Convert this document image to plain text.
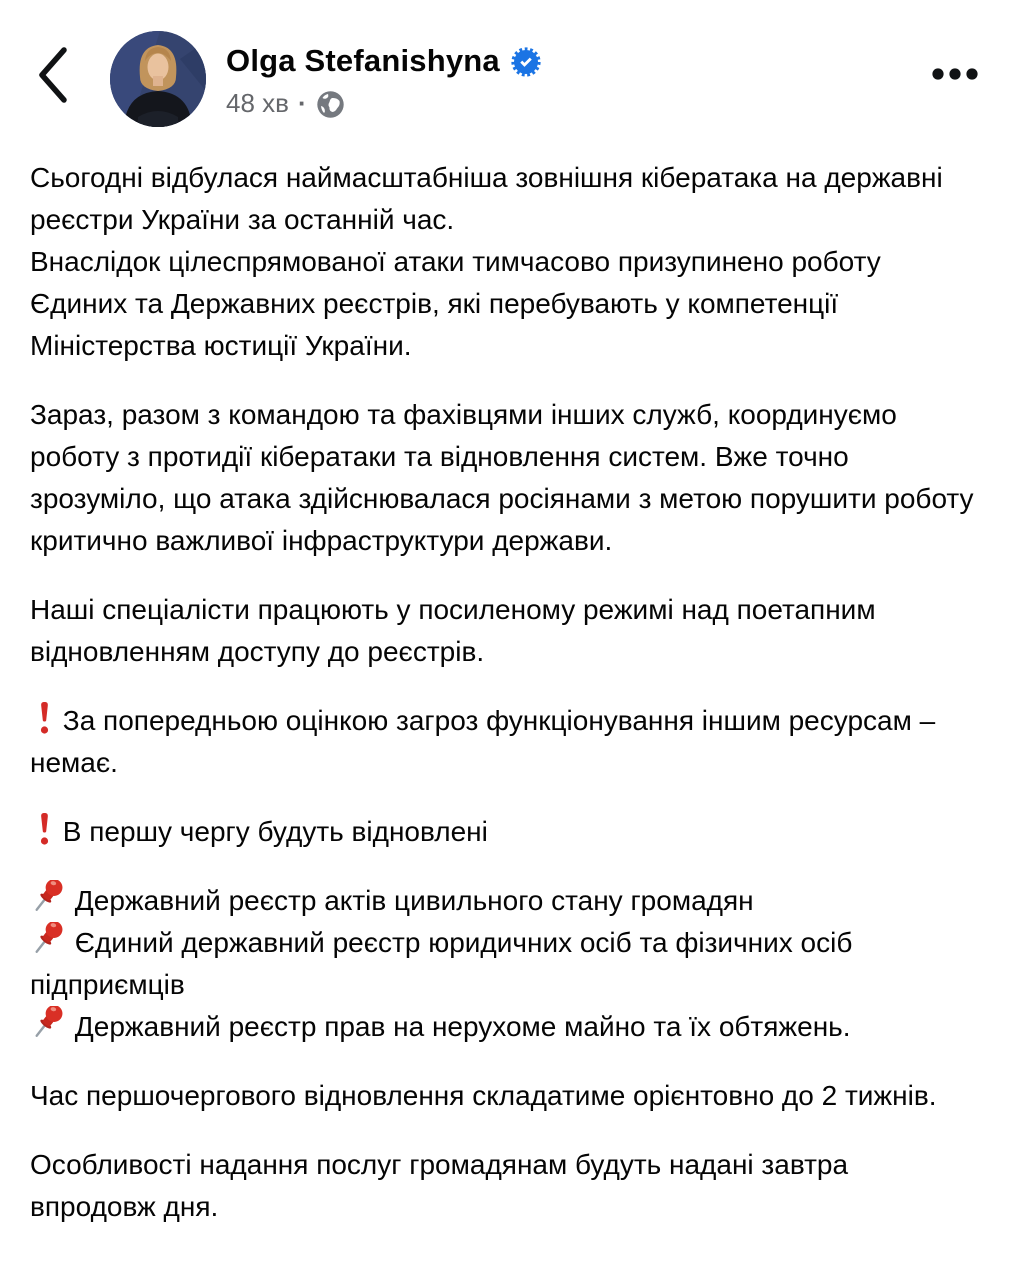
Olga Stefanishyna
48 хв ·

Сьогодні відбулася наймасштабніша зовнішня кібератака на державні реєстри України за останній час.
Внаслідок цілеспрямованої атаки тимчасово призупинено роботу Єдиних та Державних реєстрів, які перебувають у компетенції Міністерства юстиції України.

Зараз, разом з командою та фахівцями інших служб, координуємо роботу з протидії кібератаки та відновлення систем. Вже точно зрозуміло, що атака здійснювалася росіянами з метою порушити роботу критично важливої інфраструктури держави.

Наші спеціалісти працюють у посиленому режимі над поетапним відновленням доступу до реєстрів.

За попередньою оцінкою загроз функціонування іншим ресурсам – немає.

В першу чергу будуть відновлені

Державний реєстр актів цивильного стану громадян
Єдиний державний реєстр юридичних осіб та фізичних осіб підприємців
Державний реєстр прав на нерухоме майно та їх обтяжень.

Час першочергового відновлення складатиме орієнтовно до 2 тижнів.

Особливості надання послуг громадянам будуть надані завтра впродовж дня.
